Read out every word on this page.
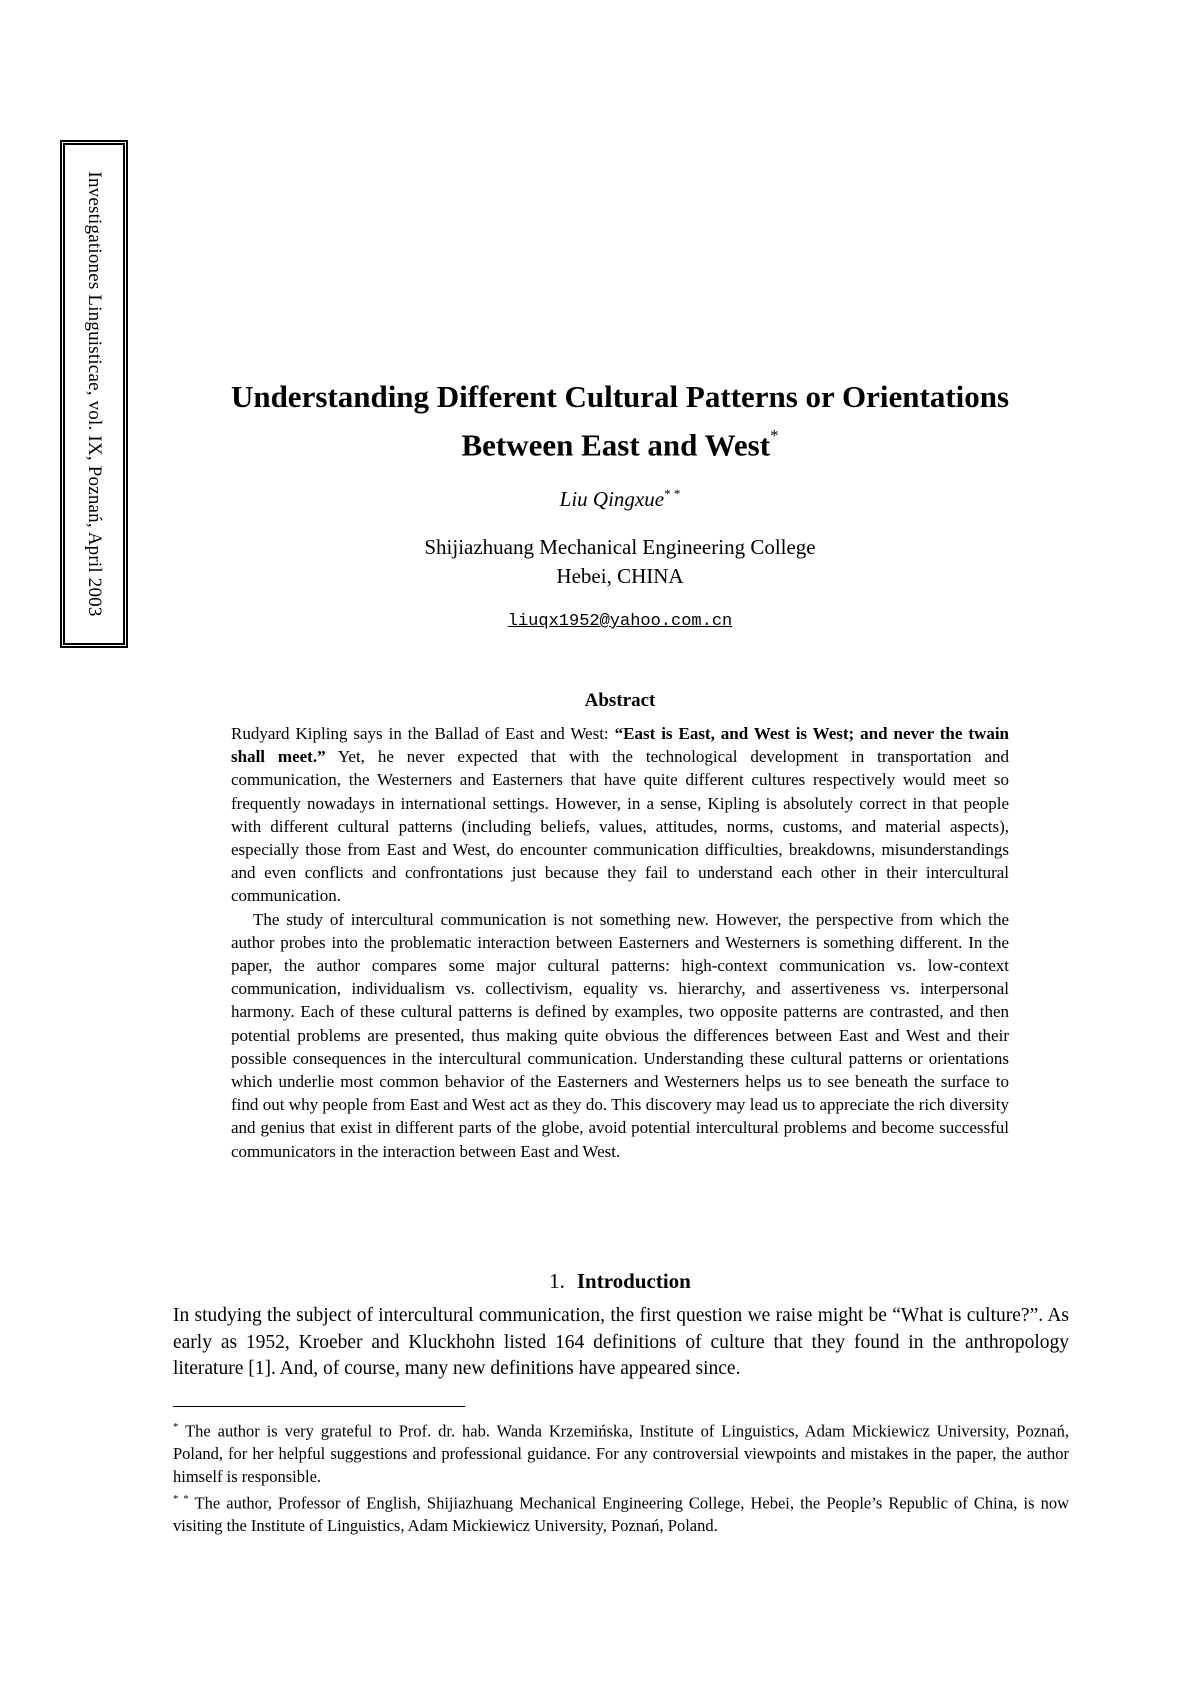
Investigationes Linguisticae, vol. IX, Poznań, April 2003	Understanding Different Cultural Patterns or Orientations
Between East and West*
Liu Qingxue* *
Shijiazhuang Mechanical Engineering College
Hebei, CHINA
liuqx1952@yahoo.com.cn
Abstract

Rudyard Kipling says in the Ballad of East and West: “East is East, and West is West; and never the twain shall meet.” Yet, he never expected that with the technological development in transportation and communication, the Westerners and Easterners that have quite different cultures respectively would meet so frequently nowadays in international settings. However, in a sense, Kipling is absolutely correct in that people with different cultural patterns (including beliefs, values, attitudes, norms, customs, and material aspects), especially those from East and West, do encounter communication difficulties, breakdowns, misunderstandings and even conflicts and confrontations just because they fail to understand each other in their intercultural communication.

The study of intercultural communication is not something new. However, the perspective from which the author probes into the problematic interaction between Easterners and Westerners is something different. In the paper, the author compares some major cultural patterns: high-context communication vs. low-context communication, individualism vs. collectivism, equality vs. hierarchy, and assertiveness vs. interpersonal harmony. Each of these cultural patterns is defined by examples, two opposite patterns are contrasted, and then potential problems are presented, thus making quite obvious the differences between East and West and their possible consequences in the intercultural communication. Understanding these cultural patterns or orientations which underlie most common behavior of the Easterners and Westerners helps us to see beneath the surface to find out why people from East and West act as they do. This discovery may lead us to appreciate the rich diversity and genius that exist in different parts of the globe, avoid potential intercultural problems and become successful communicators in the interaction between East and West.

1. Introduction

In studying the subject of intercultural communication, the first question we raise might be “What is culture?”. As early as 1952, Kroeber and Kluckhohn listed 164 definitions of culture that they found in the anthropology literature [1]. And, of course, many new definitions have appeared since.

* The author is very grateful to Prof. dr. hab. Wanda Krzemińska, Institute of Linguistics, Adam Mickiewicz University, Poznań, Poland, for her helpful suggestions and professional guidance. For any controversial viewpoints and mistakes in the paper, the author himself is responsible.

* * The author, Professor of English, Shijiazhuang Mechanical Engineering College, Hebei, the People’s Republic of China, is now visiting the Institute of Linguistics, Adam Mickiewicz University, Poznań, Poland.
